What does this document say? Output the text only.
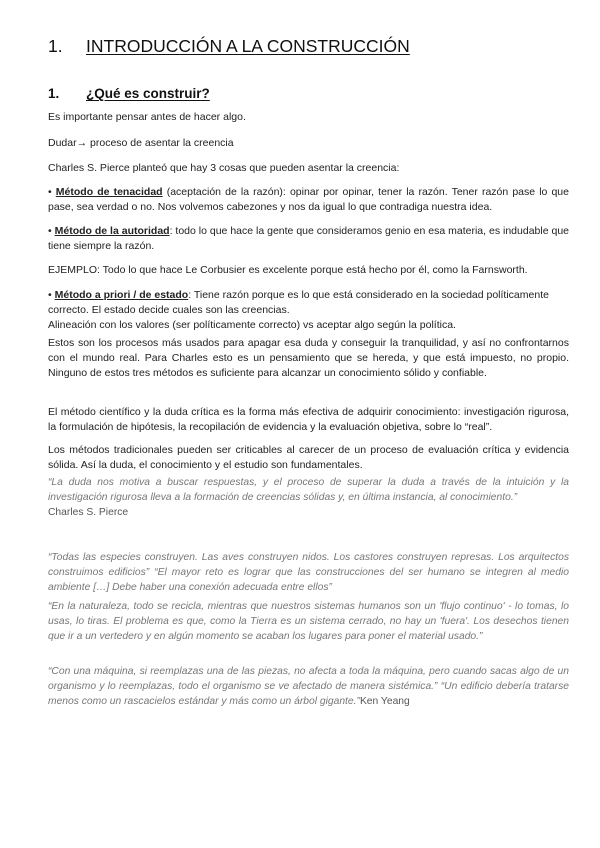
1. INTRODUCCIÓN A LA CONSTRUCCIÓN
1. ¿Qué es construir?

Es importante pensar antes de hacer algo.

Dudar→ proceso de asentar la creencia

Charles S. Pierce planteó que hay 3 cosas que pueden asentar la creencia:

• Método de tenacidad (aceptación de la razón): opinar por opinar, tener la razón. Tener razón pase lo que pase, sea verdad o no. Nos volvemos cabezones y nos da igual lo que contradiga nuestra idea.

• Método de la autoridad: todo lo que hace la gente que consideramos genio en esa materia, es indudable que tiene siempre la razón.

EJEMPLO: Todo lo que hace Le Corbusier es excelente porque está hecho por él, como la Farnsworth.

• Método a priori / de estado: Tiene razón porque es lo que está considerado en la sociedad políticamente correcto. El estado decide cuales son las creencias.
Alineación con los valores (ser políticamente correcto) vs aceptar algo según la política.

Estos son los procesos más usados para apagar esa duda y conseguir la tranquilidad, y así no confrontarnos con el mundo real. Para Charles esto es un pensamiento que se hereda, y que está impuesto, no propio. Ninguno de estos tres métodos es suficiente para alcanzar un conocimiento sólido y confiable.

El método científico y la duda crítica es la forma más efectiva de adquirir conocimiento: investigación rigurosa, la formulación de hipótesis, la recopilación de evidencia y la evaluación objetiva, sobre lo “real”.

Los métodos tradicionales pueden ser criticables al carecer de un proceso de evaluación crítica y evidencia sólida. Así la duda, el conocimiento y el estudio son fundamentales.

“La duda nos motiva a buscar respuestas, y el proceso de superar la duda a través de la intuición y la investigación rigurosa lleva a la formación de creencias sólidas y, en última instancia, al conocimiento.”
Charles S. Pierce

“Todas las especies construyen. Las aves construyen nidos. Los castores construyen represas. Los arquitectos construimos edificios” “El mayor reto es lograr que las construcciones del ser humano se integren al medio ambiente […] Debe haber una conexión adecuada entre ellos”

“En la naturaleza, todo se recicla, mientras que nuestros sistemas humanos son un 'flujo continuo' - lo tomas, lo usas, lo tiras. El problema es que, como la Tierra es un sistema cerrado, no hay un 'fuera'. Los desechos tienen que ir a un vertedero y en algún momento se acaban los lugares para poner el material usado.”

“Con una máquina, si reemplazas una de las piezas, no afecta a toda la máquina, pero cuando sacas algo de un organismo y lo reemplazas, todo el organismo se ve afectado de manera sistémica.” “Un edificio debería tratarse menos como un rascacielos estándar y más como un árbol gigante.”Ken Yeang
